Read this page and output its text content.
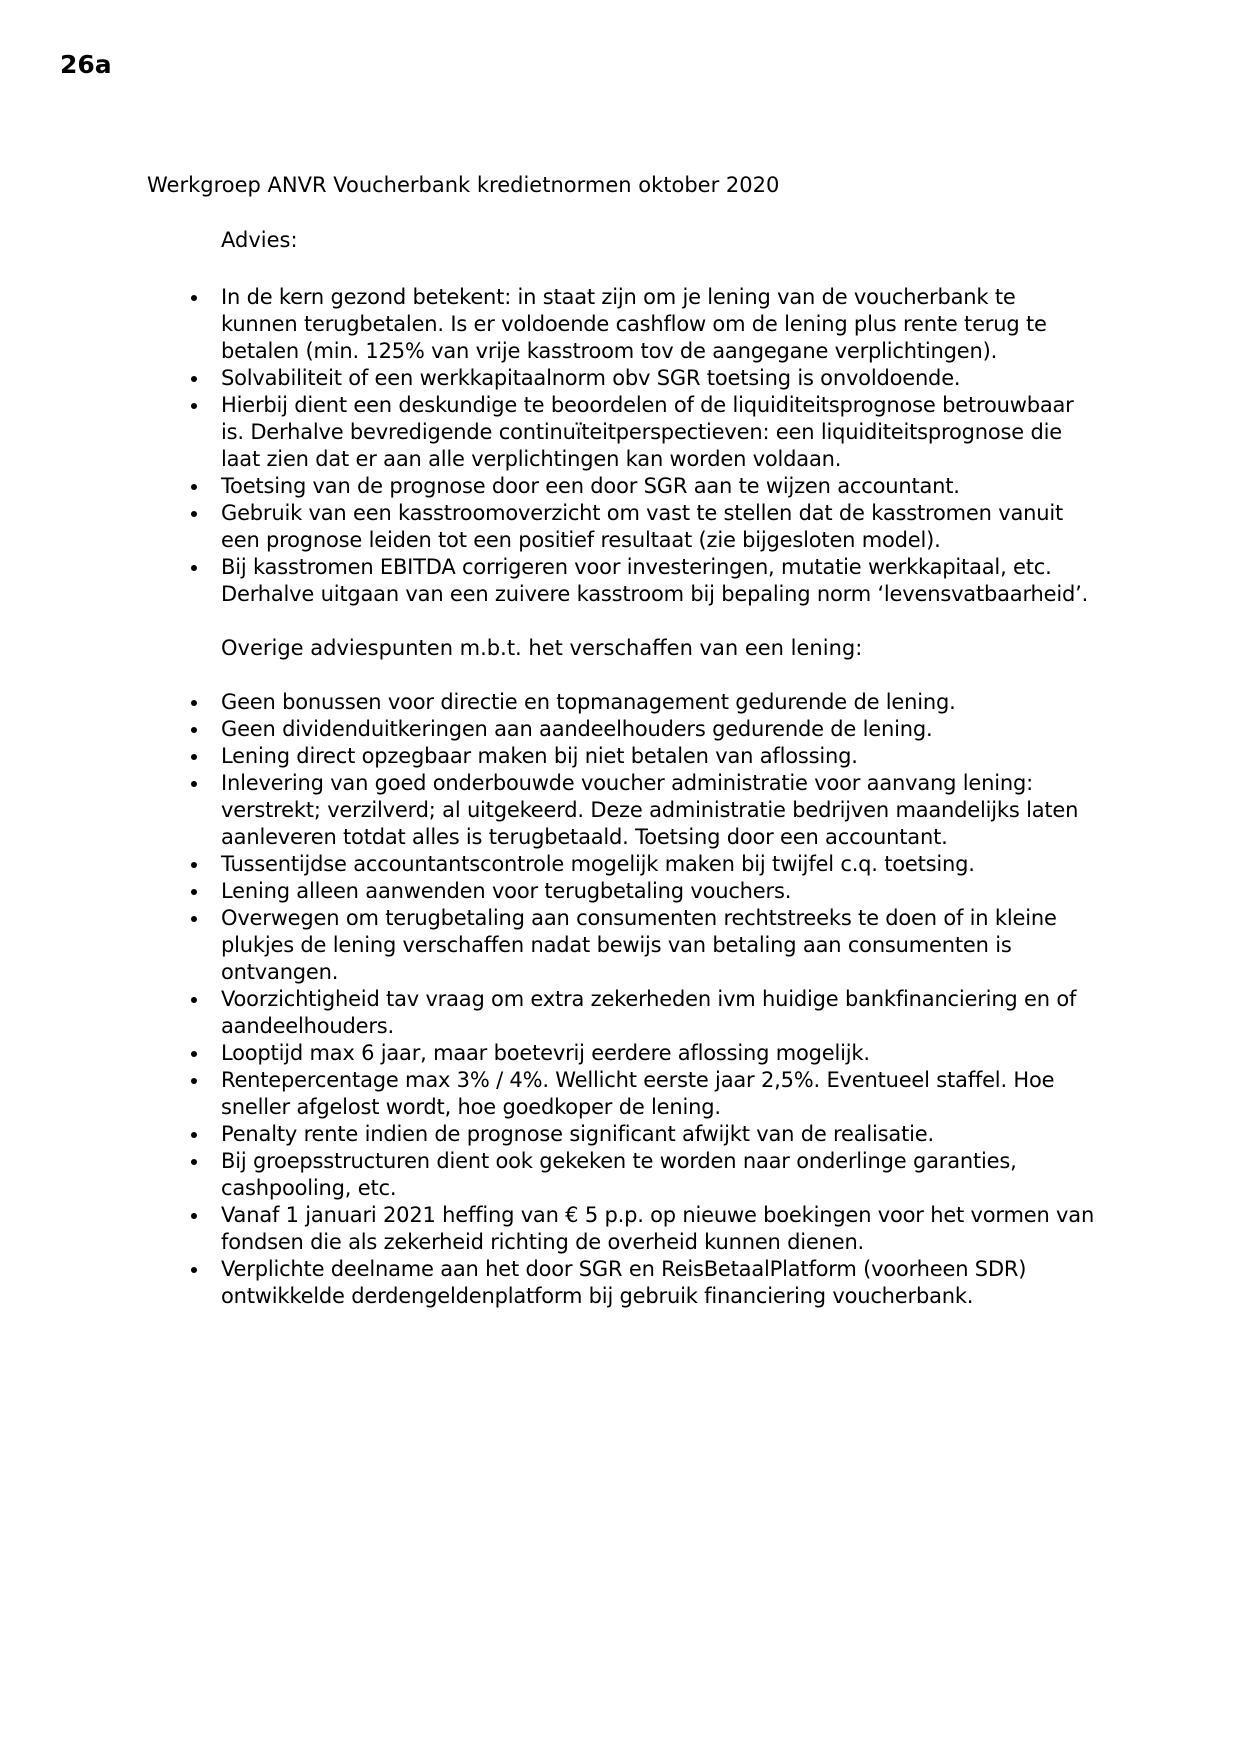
26a
Werkgroep ANVR Voucherbank kredietnormen oktober 2020

Advies:

In de kern gezond betekent: in staat zijn om je lening van de voucherbank te
kunnen terugbetalen. Is er voldoende cashflow om de lening plus rente terug te
betalen (min. 125% van vrije kasstroom tov de aangegane verplichtingen).
Solvabiliteit of een werkkapitaalnorm obv SGR toetsing is onvoldoende.
Hierbij dient een deskundige te beoordelen of de liquiditeitsprognose betrouwbaar
is. Derhalve bevredigende continuïteitperspectieven: een liquiditeitsprognose die
laat zien dat er aan alle verplichtingen kan worden voldaan.
Toetsing van de prognose door een door SGR aan te wijzen accountant.
Gebruik van een kasstroomoverzicht om vast te stellen dat de kasstromen vanuit
een prognose leiden tot een positief resultaat (zie bijgesloten model).
Bij kasstromen EBITDA corrigeren voor investeringen, mutatie werkkapitaal, etc.
Derhalve uitgaan van een zuivere kasstroom bij bepaling norm ‘levensvatbaarheid’.

Overige adviespunten m.b.t. het verschaffen van een lening:

Geen bonussen voor directie en topmanagement gedurende de lening.
Geen dividenduitkeringen aan aandeelhouders gedurende de lening.
Lening direct opzegbaar maken bij niet betalen van aflossing.
Inlevering van goed onderbouwde voucher administratie voor aanvang lening:
verstrekt; verzilverd; al uitgekeerd. Deze administratie bedrijven maandelijks laten
aanleveren totdat alles is terugbetaald. Toetsing door een accountant.
Tussentijdse accountantscontrole mogelijk maken bij twijfel c.q. toetsing.
Lening alleen aanwenden voor terugbetaling vouchers.
Overwegen om terugbetaling aan consumenten rechtstreeks te doen of in kleine
plukjes de lening verschaffen nadat bewijs van betaling aan consumenten is
ontvangen.
Voorzichtigheid tav vraag om extra zekerheden ivm huidige bankfinanciering en of
aandeelhouders.
Looptijd max 6 jaar, maar boetevrij eerdere aflossing mogelijk.
Rentepercentage max 3% / 4%. Wellicht eerste jaar 2,5%. Eventueel staffel. Hoe
sneller afgelost wordt, hoe goedkoper de lening.
Penalty rente indien de prognose significant afwijkt van de realisatie.
Bij groepsstructuren dient ook gekeken te worden naar onderlinge garanties,
cashpooling, etc.
Vanaf 1 januari 2021 heffing van € 5 p.p. op nieuwe boekingen voor het vormen van
fondsen die als zekerheid richting de overheid kunnen dienen.
Verplichte deelname aan het door SGR en ReisBetaalPlatform (voorheen SDR)
ontwikkelde derdengeldenplatform bij gebruik financiering voucherbank.
